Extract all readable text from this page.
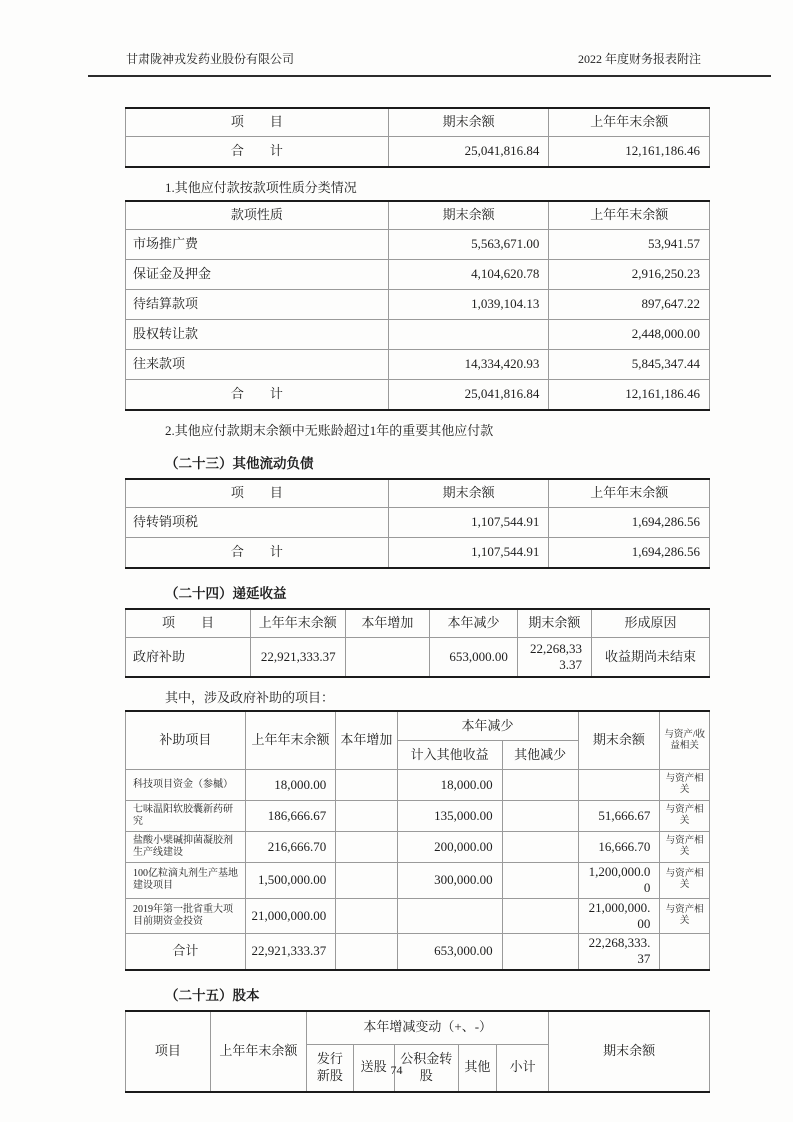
甘肃陇神戎发药业股份有限公司	2022 年度财务报表附注
项　　目	期末余额	上年年末余额
合　　计	25,041,816.84	12,161,186.46
1.其他应付款按款项性质分类情况
款项性质	期末余额	上年年末余额
市场推广费	5,563,671.00	53,941.57
保证金及押金	4,104,620.78	2,916,250.23
待结算款项	1,039,104.13	897,647.22
股权转让款		2,448,000.00
往来款项	14,334,420.93	5,845,347.44
合　　计	25,041,816.84	12,161,186.46
2.其他应付款期末余额中无账龄超过1年的重要其他应付款
（二十三）其他流动负债
项　　目	期末余额	上年年末余额
待转销项税	1,107,544.91	1,694,286.56
合　　计	1,107,544.91	1,694,286.56
（二十四）递延收益
项　　目	上年年末余额	本年增加	本年减少	期末余额	形成原因
政府补助	22,921,333.37		653,000.00	22,268,333.37	收益期尚未结束
其中，涉及政府补助的项目：
补助项目	上年年末余额	本年增加	本年减少		期末余额	与资产/收益相关
			计入其他收益	其他减少		
科技项目资金（参槭）	18,000.00		18,000.00			与资产相关
七味温阳软胶囊新药研究	186,666.67		135,000.00		51,666.67	与资产相关
盐酸小檗碱抑菌凝胶剂生产线建设	216,666.70		200,000.00		16,666.70	与资产相关
100亿粒滴丸剂生产基地建设项目	1,500,000.00		300,000.00		1,200,000.00	与资产相关
2019年第一批省重大项目前期资金投资	21,000,000.00				21,000,000.00	与资产相关
合计	22,921,333.37		653,000.00		22,268,333.37	
（二十五）股本
项目	上年年末余额	本年增减变动（+、-）					期末余额
		发行新股	送股	公积金转股	其他	小计	
74
